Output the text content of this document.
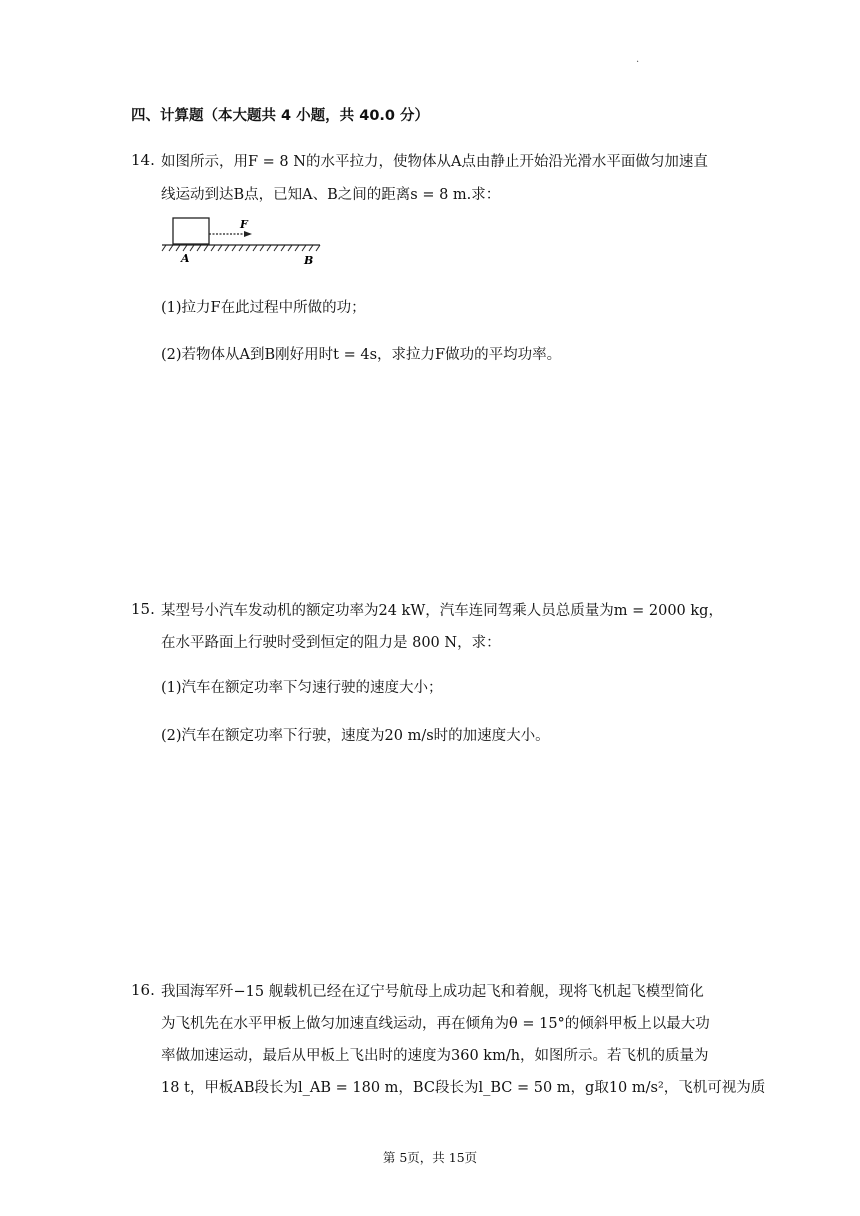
.
四、计算题（本大题共 4 小题，共 40.0 分）
14. 如图所示，用F = 8 N的水平拉力，使物体从A点由静止开始沿光滑水平面做匀加速直
线运动到达B点，已知A、B之间的距离s = 8 m.求：
F
A	B
(1)拉力F在此过程中所做的功；
(2)若物体从A到B刚好用时t = 4s，求拉力F做功的平均功率。
15. 某型号小汽车发动机的额定功率为24 kW，汽车连同驾乘人员总质量为m = 2000 kg，
在水平路面上行驶时受到恒定的阻力是 800 N，求：
(1)汽车在额定功率下匀速行驶的速度大小；
(2)汽车在额定功率下行驶，速度为20 m/s时的加速度大小。
16. 我国海军歼−15 舰载机已经在辽宁号航母上成功起飞和着舰，现将飞机起飞模型简化
为飞机先在水平甲板上做匀加速直线运动，再在倾角为θ = 15°的倾斜甲板上以最大功
率做加速运动，最后从甲板上飞出时的速度为360 km/h，如图所示。若飞机的质量为
18 t，甲板AB段长为l_AB = 180 m，BC段长为l_BC = 50 m，g取10 m/s²，飞机可视为质
第 5页，共 15页
